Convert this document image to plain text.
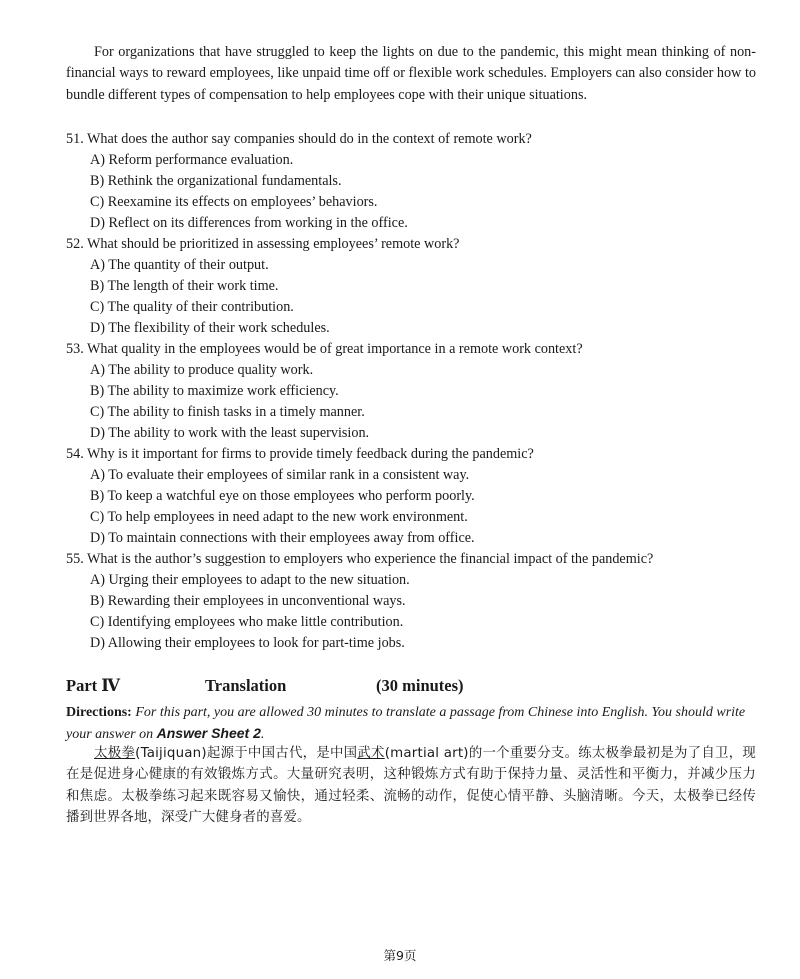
For organizations that have struggled to keep the lights on due to the pandemic, this might mean thinking of non-financial ways to reward employees, like unpaid time off or flexible work schedules. Employers can also consider how to bundle different types of compensation to help employees cope with their unique situations.

51. What does the author say companies should do in the context of remote work?
A) Reform performance evaluation.
B) Rethink the organizational fundamentals.
C) Reexamine its effects on employees’ behaviors.
D) Reflect on its differences from working in the office.
52. What should be prioritized in assessing employees’ remote work?
A) The quantity of their output.
B) The length of their work time.
C) The quality of their contribution.
D) The flexibility of their work schedules.
53. What quality in the employees would be of great importance in a remote work context?
A) The ability to produce quality work.
B) The ability to maximize work efficiency.
C) The ability to finish tasks in a timely manner.
D) The ability to work with the least supervision.
54. Why is it important for firms to provide timely feedback during the pandemic?
A) To evaluate their employees of similar rank in a consistent way.
B) To keep a watchful eye on those employees who perform poorly.
C) To help employees in need adapt to the new work environment.
D) To maintain connections with their employees away from office.
55. What is the author’s suggestion to employers who experience the financial impact of the pandemic?
A) Urging their employees to adapt to the new situation.
B) Rewarding their employees in unconventional ways.
C) Identifying employees who make little contribution.
D) Allowing their employees to look for part-time jobs.
Part Ⅳ	Translation	(30 minutes)

Directions: For this part, you are allowed 30 minutes to translate a passage from Chinese into English. You should write your answer on Answer Sheet 2.

太极拳(Taijiquan)起源于中国古代，是中国武术(martial art)的一个重要分支。练太极拳最初是为了自卫，现在是促进身心健康的有效锻炼方式。大量研究表明，这种锻炼方式有助于保持力量、灵活性和平衡力，并减少压力和焦虑。太极拳练习起来既容易又愉快，通过轻柔、流畅的动作，促使心情平静、头脑清晰。今天，太极拳已经传播到世界各地，深受广大健身者的喜爱。

第9页
